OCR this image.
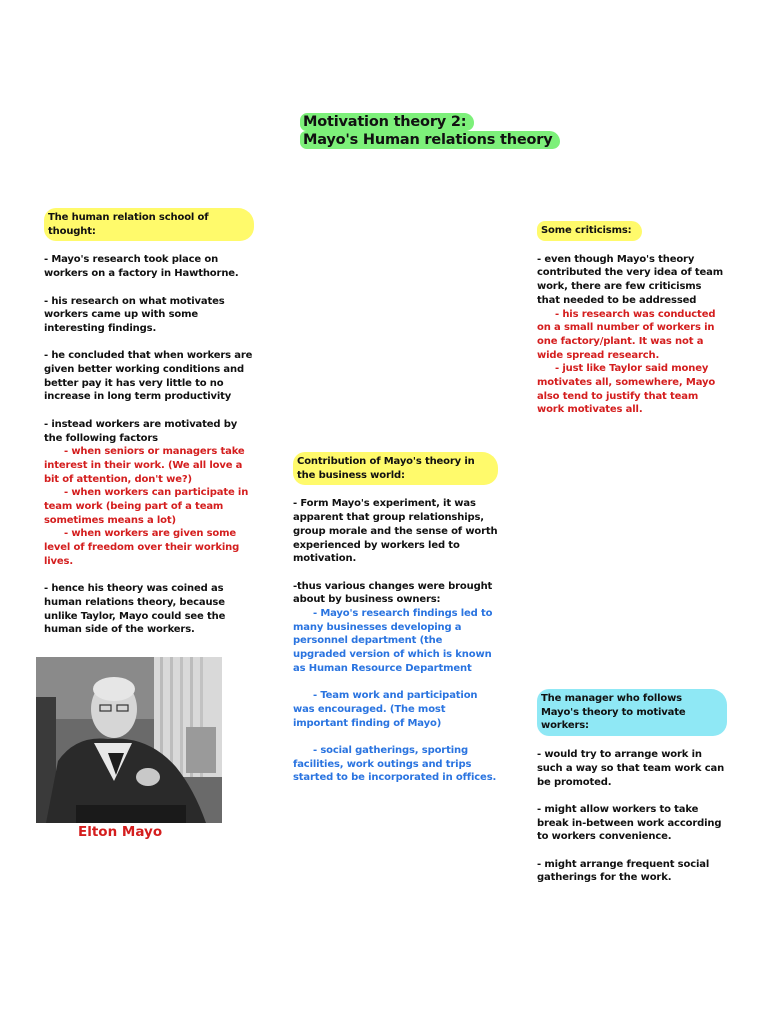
Motivation theory 2:
Mayo's Human relations theory
The human relation school of thought:

- Mayo's research took place on workers on a factory in Hawthorne.

- his research on what motivates workers came up with some interesting findings.

- he concluded that when workers are given better working conditions and better pay it has very little to no increase in long term productivity

- instead workers are motivated by the following factors
- when seniors or managers take interest in their work. (We all love a bit of attention, don't we?)
- when workers can participate in team work (being part of a team sometimes means a lot)
- when workers are given some level of freedom over their working lives.

- hence his theory was coined as human relations theory, because unlike Taylor, Mayo could see the human side of the workers.

Elton Mayo
Contribution of Mayo's theory in the business world:

- Form Mayo's experiment, it was apparent that group relationships, group morale and the sense of worth experienced by workers led to motivation.

-thus various changes were brought about by business owners:

- Mayo's research findings led to many businesses developing a personnel department (the upgraded version of which is known as Human Resource Department

- Team work and participation was encouraged. (The most important finding of Mayo)

- social gatherings, sporting facilities, work outings and trips started to be incorporated in offices.

Some criticisms:
- even though Mayo's theory contributed the very idea of team work, there are few criticisms that needed to be addressed
- his research was conducted on a small number of workers in one factory/plant. It was not a wide spread research.
- just like Taylor said money motivates all, somewhere, Mayo also tend to justify that team work motivates all.
The manager who follows Mayo's theory to motivate workers:

- would try to arrange work in such a way so that team work can be promoted.

- might allow workers to take break in-between work according to workers convenience.

- might arrange frequent social gatherings for the work.
